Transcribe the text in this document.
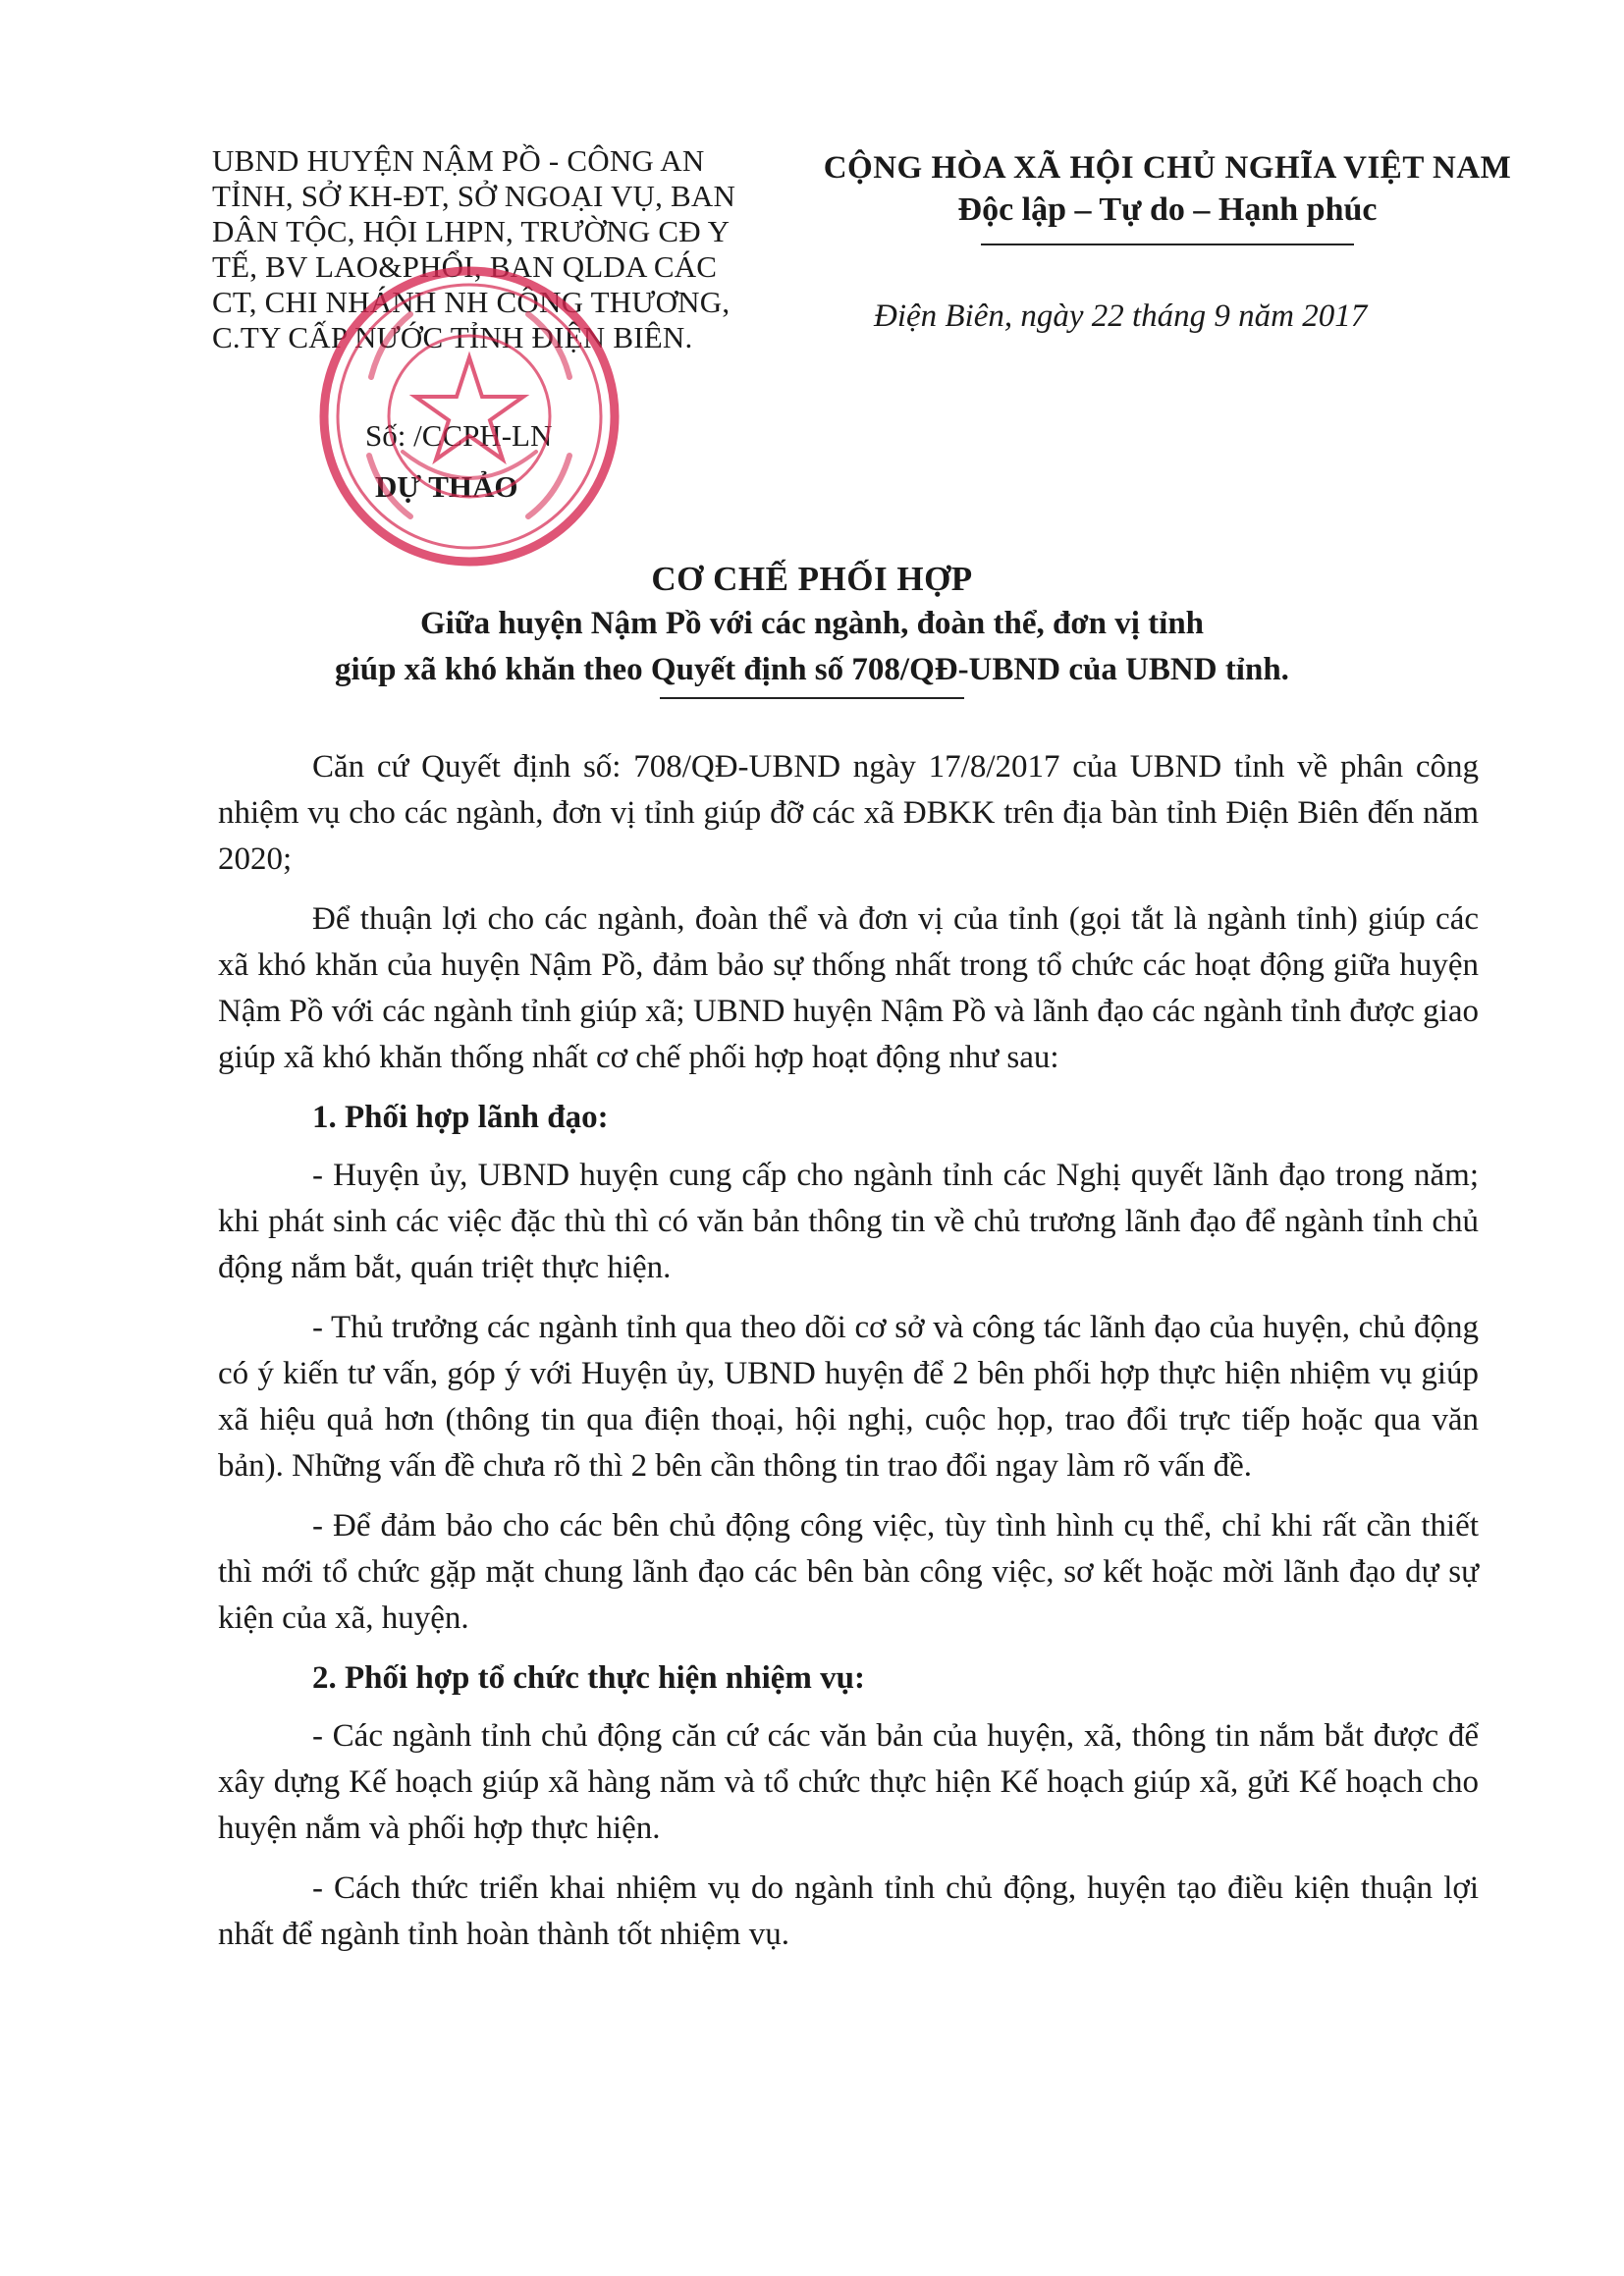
UBND HUYỆN NẬM PỒ - CÔNG AN
TỈNH, SỞ KH-ĐT, SỞ NGOẠI VỤ, BAN
DÂN TỘC, HỘI LHPN, TRƯỜNG CĐ Y
TẾ, BV LAO&PHỔI, BAN QLDA CÁC
CT, CHI NHÁNH NH CÔNG THƯƠNG,
C.TY CẤP NƯỚC TỈNH ĐIỆN BIÊN.
Số: /CCPH-LN
DỰ THẢO
CỘNG HÒA XÃ HỘI CHỦ NGHĨA VIỆT NAM
Độc lập – Tự do – Hạnh phúc
Điện Biên, ngày 22 tháng 9 năm 2017
CƠ CHẾ PHỐI HỢP
Giữa huyện Nậm Pồ với các ngành, đoàn thể, đơn vị tỉnh
giúp xã khó khăn theo Quyết định số 708/QĐ-UBND của UBND tỉnh.

Căn cứ Quyết định số: 708/QĐ-UBND ngày 17/8/2017 của UBND tỉnh về phân công nhiệm vụ cho các ngành, đơn vị tỉnh giúp đỡ các xã ĐBKK trên địa bàn tỉnh Điện Biên đến năm 2020;

Để thuận lợi cho các ngành, đoàn thể và đơn vị của tỉnh (gọi tắt là ngành tỉnh) giúp các xã khó khăn của huyện Nậm Pồ, đảm bảo sự thống nhất trong tổ chức các hoạt động giữa huyện Nậm Pồ với các ngành tỉnh giúp xã; UBND huyện Nậm Pồ và lãnh đạo các ngành tỉnh được giao giúp xã khó khăn thống nhất cơ chế phối hợp hoạt động như sau:

1. Phối hợp lãnh đạo:

- Huyện ủy, UBND huyện cung cấp cho ngành tỉnh các Nghị quyết lãnh đạo trong năm; khi phát sinh các việc đặc thù thì có văn bản thông tin về chủ trương lãnh đạo để ngành tỉnh chủ động nắm bắt, quán triệt thực hiện.

- Thủ trưởng các ngành tỉnh qua theo dõi cơ sở và công tác lãnh đạo của huyện, chủ động có ý kiến tư vấn, góp ý với Huyện ủy, UBND huyện để 2 bên phối hợp thực hiện nhiệm vụ giúp xã hiệu quả hơn (thông tin qua điện thoại, hội nghị, cuộc họp, trao đổi trực tiếp hoặc qua văn bản). Những vấn đề chưa rõ thì 2 bên cần thông tin trao đổi ngay làm rõ vấn đề.

- Để đảm bảo cho các bên chủ động công việc, tùy tình hình cụ thể, chỉ khi rất cần thiết thì mới tổ chức gặp mặt chung lãnh đạo các bên bàn công việc, sơ kết hoặc mời lãnh đạo dự sự kiện của xã, huyện.

2. Phối hợp tổ chức thực hiện nhiệm vụ:

- Các ngành tỉnh chủ động căn cứ các văn bản của huyện, xã, thông tin nắm bắt được để xây dựng Kế hoạch giúp xã hàng năm và tổ chức thực hiện Kế hoạch giúp xã, gửi Kế hoạch cho huyện nắm và phối hợp thực hiện.

- Cách thức triển khai nhiệm vụ do ngành tỉnh chủ động, huyện tạo điều kiện thuận lợi nhất để ngành tỉnh hoàn thành tốt nhiệm vụ.
